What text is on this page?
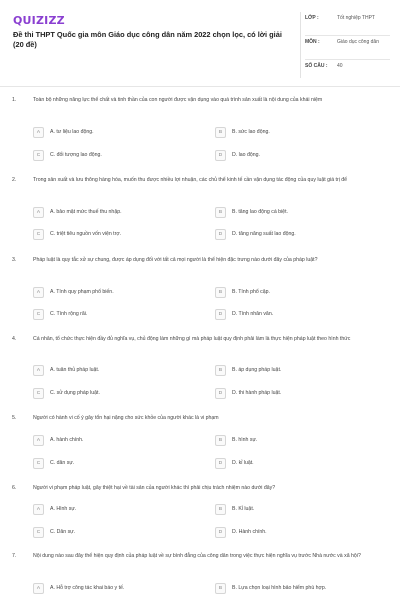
QUIZIZZ
Đề thi THPT Quốc gia môn Giáo dục công dân năm 2022 chọn lọc, có lời giải (20 đề)
LỚP :	Tốt nghiệp THPT
MÔN :	Giáo dục công dân
SỐ CÂU :	40
1.	Toàn bộ những năng lực thể chất và tinh thần của con người được vận dụng vào quá trình sản xuất là nội dung của khái niệm
A	A. tư liệu lao động.	B	B. sức lao động.
C	C. đối tượng lao động.	D	D. lao động.
2.	Trong sản xuất và lưu thông hàng hóa, muốn thu được nhiều lợi nhuận, các chủ thể kinh tế cần vận dụng tác động của quy luật giá trị để
A	A. bảo mật mức thuế thu nhập.	B	B. tăng lao động cá biệt.
C	C. triệt tiêu nguồn vốn viện trợ.	D	D. tăng năng suất lao động.
3.	Pháp luật là quy tắc xử sự chung, được áp dụng đối với tất cả mọi người là thể hiện đặc trưng nào dưới đây của pháp luật?
A	A. Tính quy phạm phổ biến.	B	B. Tính phổ cập.
C	C. Tính rộng rãi.	D	D. Tính nhân văn.
4.	Cá nhân, tổ chức thực hiện đầy đủ nghĩa vụ, chủ động làm những gì mà pháp luật quy định phải làm là thực hiện pháp luật theo hình thức
A	A. tuân thủ pháp luật.	B	B. áp dụng pháp luật.
C	C. sử dụng pháp luật.	D	D. thi hành pháp luật.
5.	Người có hành vi cố ý gây tổn hại nặng cho sức khỏe của người khác là vi phạm
A	A. hành chính.	B	B. hình sự.
C	C. dân sự.	D	D. kỉ luật.
6.	Người vi phạm pháp luật, gây thiệt hại về tài sản của người khác thì phải chịu trách nhiệm nào dưới đây?
A	A. Hình sự.	B	B. Kỉ luật.
C	C. Dân sự.	D	D. Hành chính.
7.	Nội dung nào sau đây thể hiện quy định của pháp luật về sự bình đẳng của công dân trong việc thực hiện nghĩa vụ trước Nhà nước và xã hội?
A	A. Hỗ trợ công tác khai báo y tế.	B	B. Lựa chọn loại hình bảo hiểm phù hợp.
